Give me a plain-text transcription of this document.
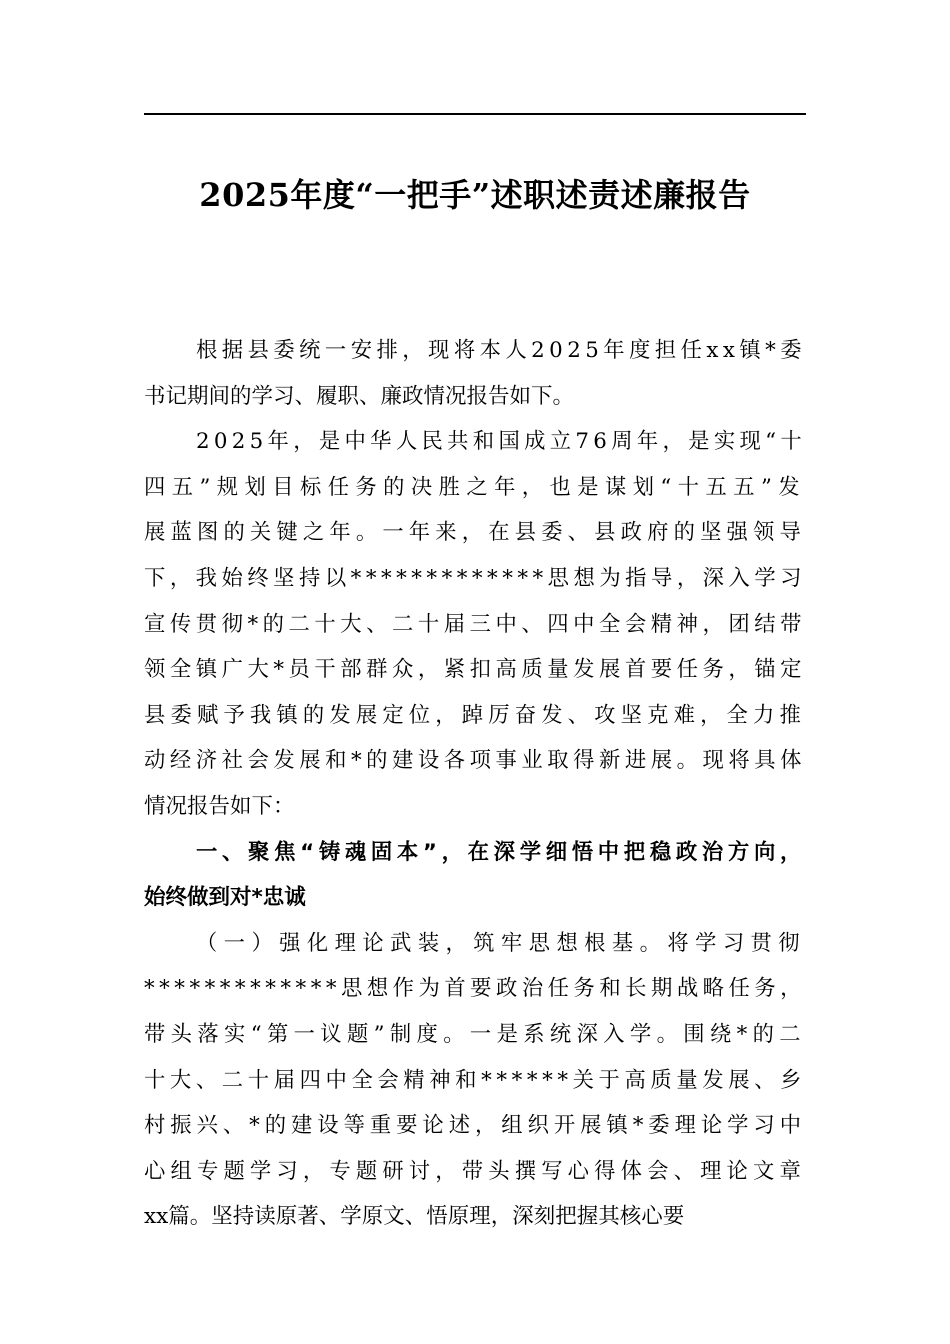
2025年度“一把手”述职述责述廉报告
根据县委统一安排，现将本人2025年度担任xx镇*委
书记期间的学习、履职、廉政情况报告如下。
2025年，是中华人民共和国成立76周年，是实现“十
四五”规划目标任务的决胜之年，也是谋划“十五五”发
展蓝图的关键之年。一年来，在县委、县政府的坚强领导
下，我始终坚持以*************思想为指导，深入学习
宣传贯彻*的二十大、二十届三中、四中全会精神，团结带
领全镇广大*员干部群众，紧扣高质量发展首要任务，锚定
县委赋予我镇的发展定位，踔厉奋发、攻坚克难，全力推
动经济社会发展和*的建设各项事业取得新进展。现将具体
情况报告如下：
一、聚焦“铸魂固本”，在深学细悟中把稳政治方向，
始终做到对*忠诚
（一）强化理论武装，筑牢思想根基。将学习贯彻
*************思想作为首要政治任务和长期战略任务，
带头落实“第一议题”制度。一是系统深入学。围绕*的二
十大、二十届四中全会精神和******关于高质量发展、乡
村振兴、*的建设等重要论述，组织开展镇*委理论学习中
心组专题学习，专题研讨，带头撰写心得体会、理论文章
xx篇。坚持读原著、学原文、悟原理，深刻把握其核心要
